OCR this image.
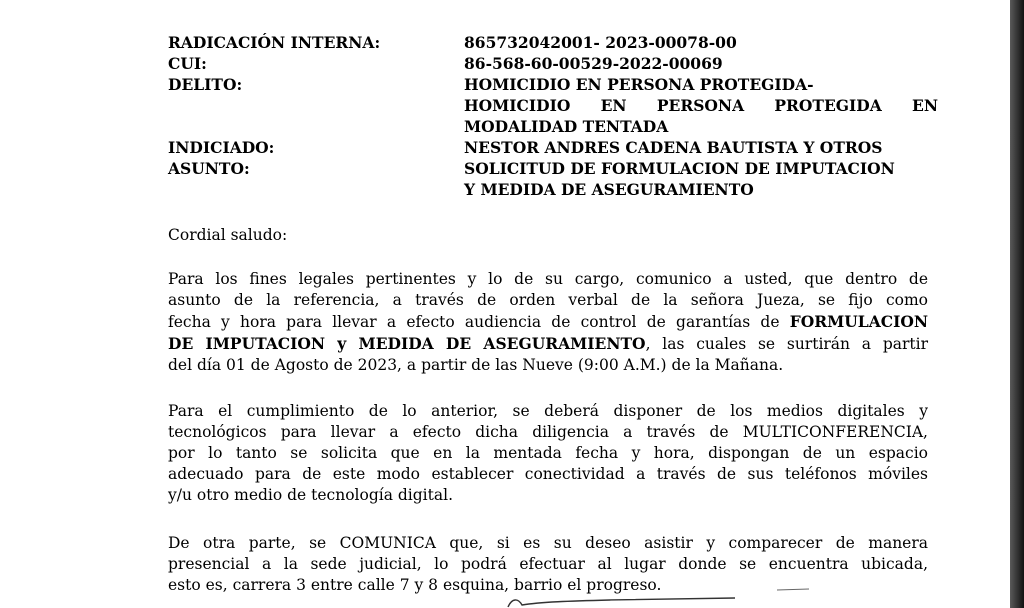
RADICACIÓN INTERNA:	865732042001- 2023-00078-00
CUI:	86-568-60-00529-2022-00069
DELITO:	HOMICIDIO EN PERSONA PROTEGIDA-
HOMICIDIO EN PERSONA PROTEGIDA EN
MODALIDAD TENTADA
INDICIADO:	NESTOR ANDRES CADENA BAUTISTA Y OTROS
ASUNTO:	SOLICITUD DE FORMULACION DE IMPUTACION
Y MEDIDA DE ASEGURAMIENTO

Cordial saludo:

Para los fines legales pertinentes y lo de su cargo, comunico a usted, que dentro de
asunto de la referencia, a través de orden verbal de la señora Jueza, se fijo como
fecha y hora para llevar a efecto audiencia de control de garantías de FORMULACION
DE IMPUTACION y MEDIDA DE ASEGURAMIENTO, las cuales se surtirán a partir
del día 01 de Agosto de 2023, a partir de las Nueve (9:00 A.M.) de la Mañana.

Para el cumplimiento de lo anterior, se deberá disponer de los medios digitales y
tecnológicos para llevar a efecto dicha diligencia a través de MULTICONFERENCIA,
por lo tanto se solicita que en la mentada fecha y hora, dispongan de un espacio
adecuado para de este modo establecer conectividad a través de sus teléfonos móviles
y/u otro medio de tecnología digital.

De otra parte, se COMUNICA que, si es su deseo asistir y comparecer de manera
presencial a la sede judicial, lo podrá efectuar al lugar donde se encuentra ubicada,
esto es, carrera 3 entre calle 7 y 8 esquina, barrio el progreso.
